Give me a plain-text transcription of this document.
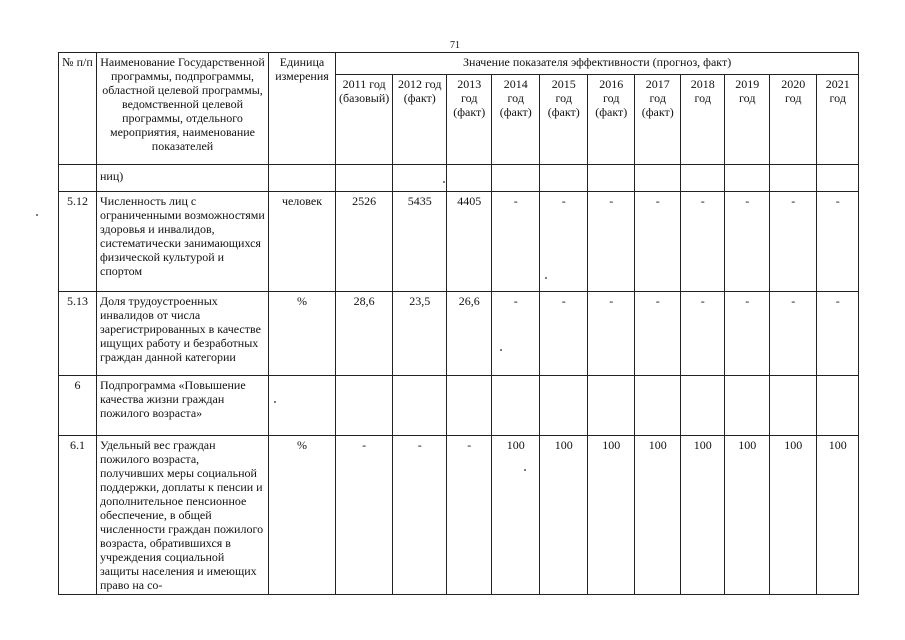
71
№ п/п	Наименование Государственной программы, подпрограммы, областной целевой программы, ведомственной целевой программы, отдельного мероприятия, наименование показателей	Единица измерения	Значение показателя эффективности (прогноз, факт)										
			2011 год (базовый)	2012 год (факт)	2013 год (факт)	2014 год (факт)	2015 год (факт)	2016 год (факт)	2017 год (факт)	2018 год	2019 год	2020 год	2021 год
	ниц)												
5.12	Численность лиц с ограниченными возможностями здоровья и инвалидов, систематически занимающихся физической культурой и спортом	человек	2526	5435	4405	-	-	-	-	-	-	-	-
5.13	Доля трудоустроенных инвалидов от числа зарегистрированных в качестве ищущих работу и безработных граждан данной категории	%	28,6	23,5	26,6	-	-	-	-	-	-	-	-
6	Подпрограмма «Повышение качества жизни граждан пожилого возраста»												
6.1	Удельный вес граждан пожилого возраста, получивших меры социальной поддержки, доплаты к пенсии и дополнительное пенсионное обеспечение, в общей численности граждан пожилого возраста, обратившихся в учреждения социальной защиты населения и имеющих право на со-	%	-	-	-	100	100	100	100	100	100	100	100
